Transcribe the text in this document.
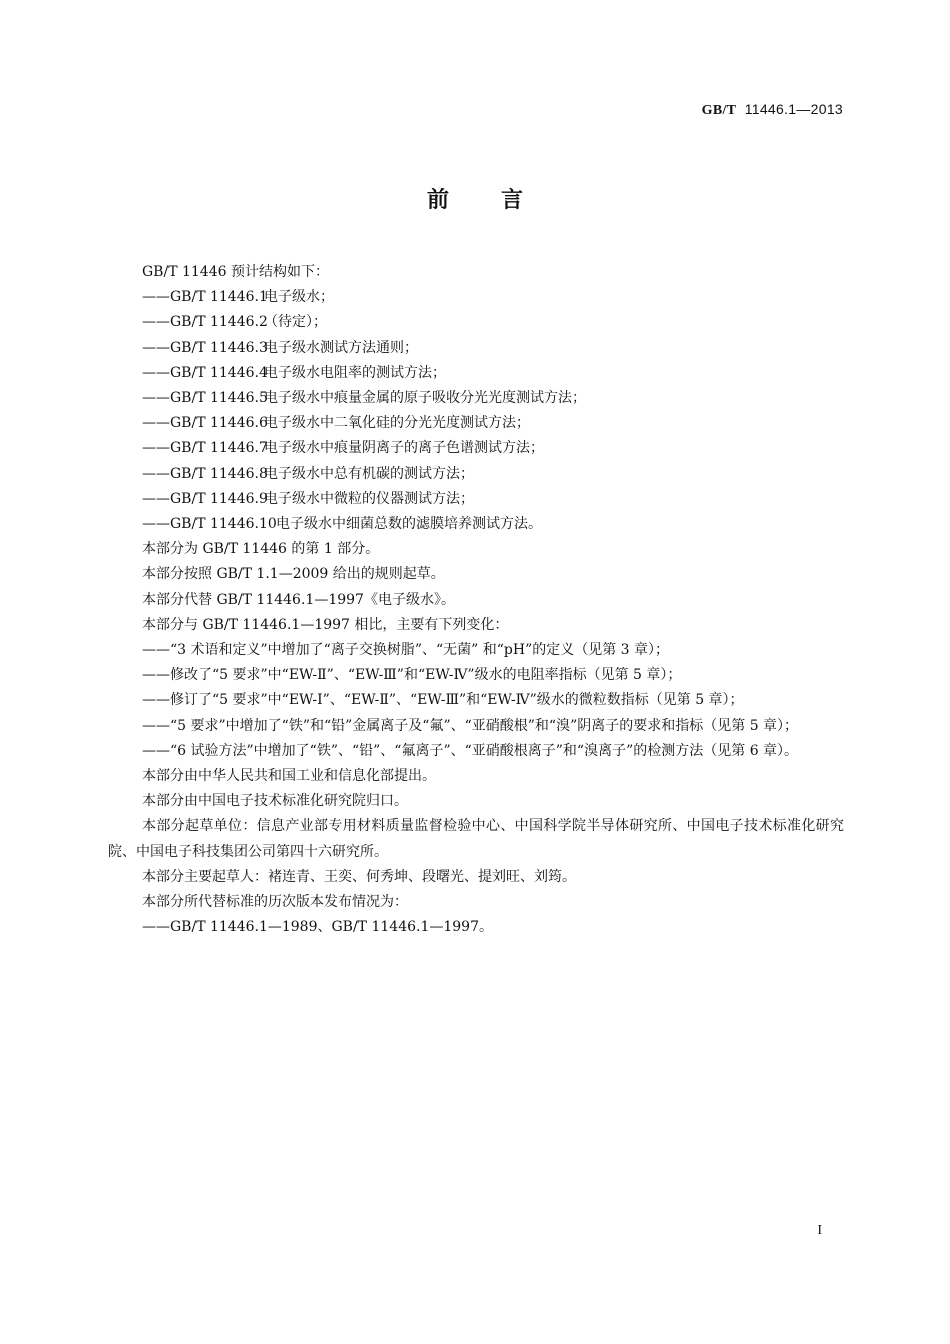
GB/T 11446.1—2013
前言
GB/T 11446 预计结构如下：
——GB/T 11446.1电子级水；
——GB/T 11446.2（待定）；
——GB/T 11446.3电子级水测试方法通则；
——GB/T 11446.4电子级水电阻率的测试方法；
——GB/T 11446.5电子级水中痕量金属的原子吸收分光光度测试方法；
——GB/T 11446.6电子级水中二氧化硅的分光光度测试方法；
——GB/T 11446.7电子级水中痕量阴离子的离子色谱测试方法；
——GB/T 11446.8电子级水中总有机碳的测试方法；
——GB/T 11446.9电子级水中微粒的仪器测试方法；
——GB/T 11446.10电子级水中细菌总数的滤膜培养测试方法。
本部分为 GB/T 11446 的第 1 部分。
本部分按照 GB/T 1.1—2009 给出的规则起草。
本部分代替 GB/T 11446.1—1997《电子级水》。
本部分与 GB/T 11446.1—1997 相比，主要有下列变化：
——“3 术语和定义”中增加了“离子交换树脂”、“无菌” 和“pH”的定义（见第 3 章）；
——修改了“5 要求”中“EW-Ⅱ”、“EW-Ⅲ”和“EW-Ⅳ”级水的电阻率指标（见第 5 章）；
——修订了“5 要求”中“EW-Ⅰ”、“EW-Ⅱ”、“EW-Ⅲ”和“EW-Ⅳ”级水的微粒数指标（见第 5 章）；
——“5 要求”中增加了“铁”和“铅”金属离子及“氟”、“亚硝酸根”和“溴”阴离子的要求和指标（见第 5 章）；
——“6 试验方法”中增加了“铁”、“铅”、“氟离子”、“亚硝酸根离子”和“溴离子”的检测方法（见第 6 章）。
本部分由中华人民共和国工业和信息化部提出。
本部分由中国电子技术标准化研究院归口。
本部分起草单位：信息产业部专用材料质量监督检验中心、中国科学院半导体研究所、中国电子技术标准化研究院、中国电子科技集团公司第四十六研究所。
本部分主要起草人：褚连青、王奕、何秀坤、段曙光、提刘旺、刘筠。
本部分所代替标准的历次版本发布情况为：
——GB/T 11446.1—1989、GB/T 11446.1—1997。
I
